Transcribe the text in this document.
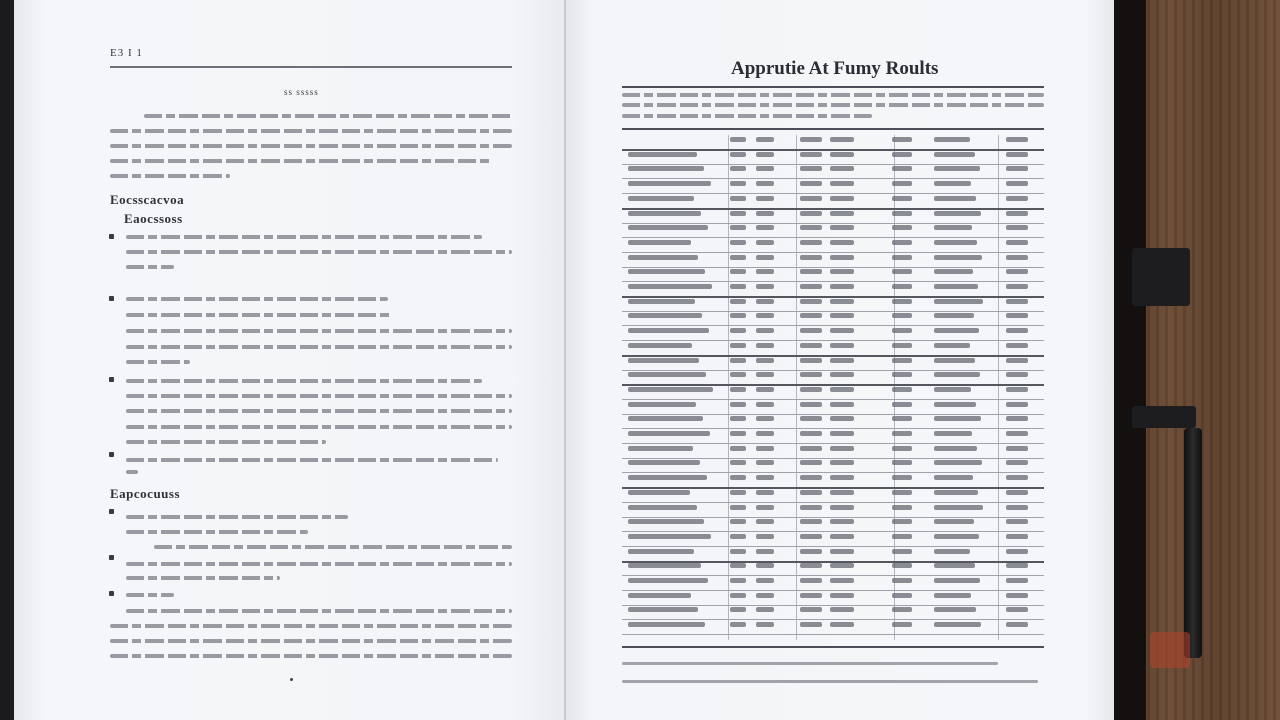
E3 I 1
ss sssss
Eocsscacvoa
Eaocssoss
Eapcocuuss
Apprutie At Fumy Roults
